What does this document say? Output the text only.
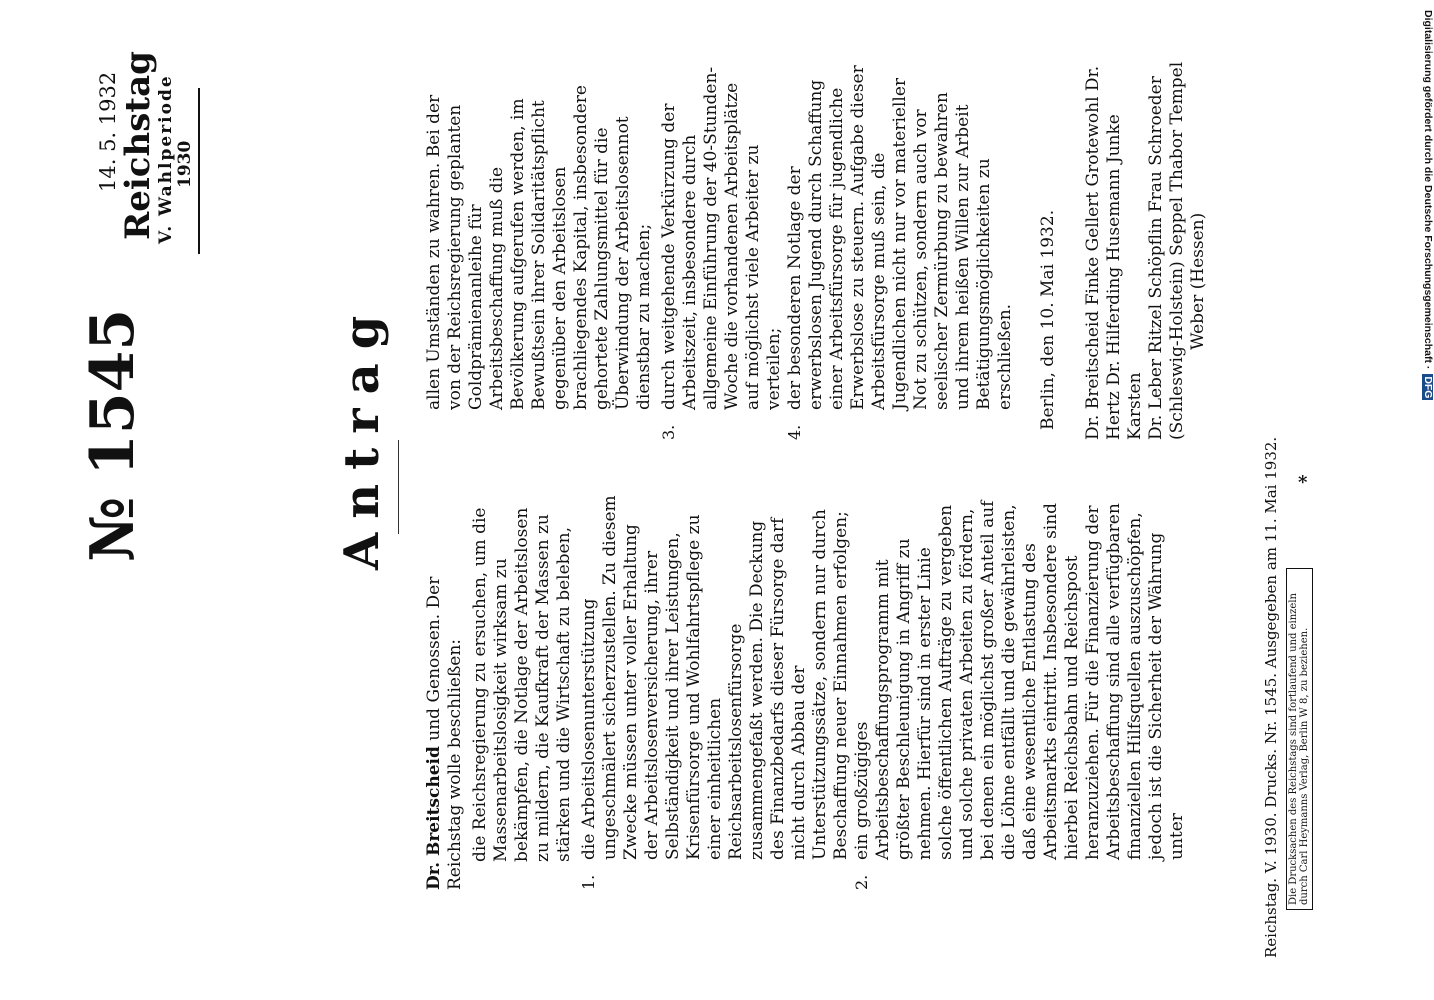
№ 1545
14. 5. 1932
Reichstag
V. Wahlperiode 1930
Antrag

Dr. Breitscheid und Genossen. Der Reichstag wolle beschließen: die Reichsregierung zu ersuchen, um die Massenarbeitslosigkeit wirksam zu bekämpfen, die Notlage der Arbeitslosen zu mildern, die Kaufkraft der Massen zu stärken und die Wirtschaft zu beleben,

1.

die Arbeitslosenunterstützung ungeschmälert sicherzustellen. Zu diesem Zwecke müssen unter voller Erhaltung der Arbeitslosenversicherung, ihrer Selbständigkeit und ihrer Leistungen, Krisenfürsorge und Wohlfahrtspflege zu einer einheitlichen Reichsarbeitslosenfürsorge zusammengefaßt werden. Die Deckung des Finanzbedarfs dieser Fürsorge darf nicht durch Abbau der Unterstützungssätze, sondern nur durch Beschaffung neuer Einnahmen erfolgen;

2.

ein großzügiges Arbeitsbeschaffungsprogramm mit größter Beschleunigung in Angriff zu nehmen. Hierfür sind in erster Linie solche öffentlichen Aufträge zu vergeben und solche privaten Arbeiten zu fördern, bei denen ein möglichst großer Anteil auf die Löhne entfällt und die gewährleisten, daß eine wesentliche Entlastung des Arbeitsmarkts eintritt. Insbesondere sind hierbei Reichsbahn und Reichspost heranzuziehen. Für die Finanzierung der Arbeitsbeschaffung sind alle verfügbaren finanziellen Hilfsquellen auszuschöpfen, jedoch ist die Sicherheit der Währung unter

allen Umständen zu wahren. Bei der von der Reichsregierung geplanten Goldprämienanleihe für Arbeitsbeschaffung muß die Bevölkerung aufgerufen werden, im Bewußtsein ihrer Solidaritätspflicht gegenüber den Arbeitslosen brachliegendes Kapital, insbesondere gehortete Zahlungsmittel für die Überwindung der Arbeitslosennot dienstbar zu machen;

3.

durch weitgehende Verkürzung der Arbeitszeit, insbesondere durch allgemeine Einführung der 40-Stunden-Woche die vorhandenen Arbeitsplätze auf möglichst viele Arbeiter zu verteilen;

4.

der besonderen Notlage der erwerbslosen Jugend durch Schaffung einer Arbeitsfürsorge für jugendliche Erwerbslose zu steuern. Aufgabe dieser Arbeitsfürsorge muß sein, die Jugendlichen nicht nur vor materieller Not zu schützen, sondern auch vor seelischer Zermürbung zu bewahren und ihrem heißen Willen zur Arbeit Betätigungsmöglichkeiten zu erschließen. Berlin, den 10. Mai 1932. Dr. Breitscheid Finke Gellert Grotewohl Dr. Hertz Dr. Hilferding Husemann Junke Karsten Dr. Leber Ritzel Schöpflin Frau Schroeder (Schleswig-Holstein) Seppel Thabor Tempel Weber (Hessen)

Reichstag. V. 1930. Drucks. Nr. 1545. Ausgegeben am 11. Mai 1932. Die Drucksachen des Reichstags sind fortlaufend und einzeln durch Carl Heymanns Verlag, Berlin W 8, zu beziehen.
*
Digitalisierung gefördert durch die Deutsche Forschungsgemeinschaft · DFG
